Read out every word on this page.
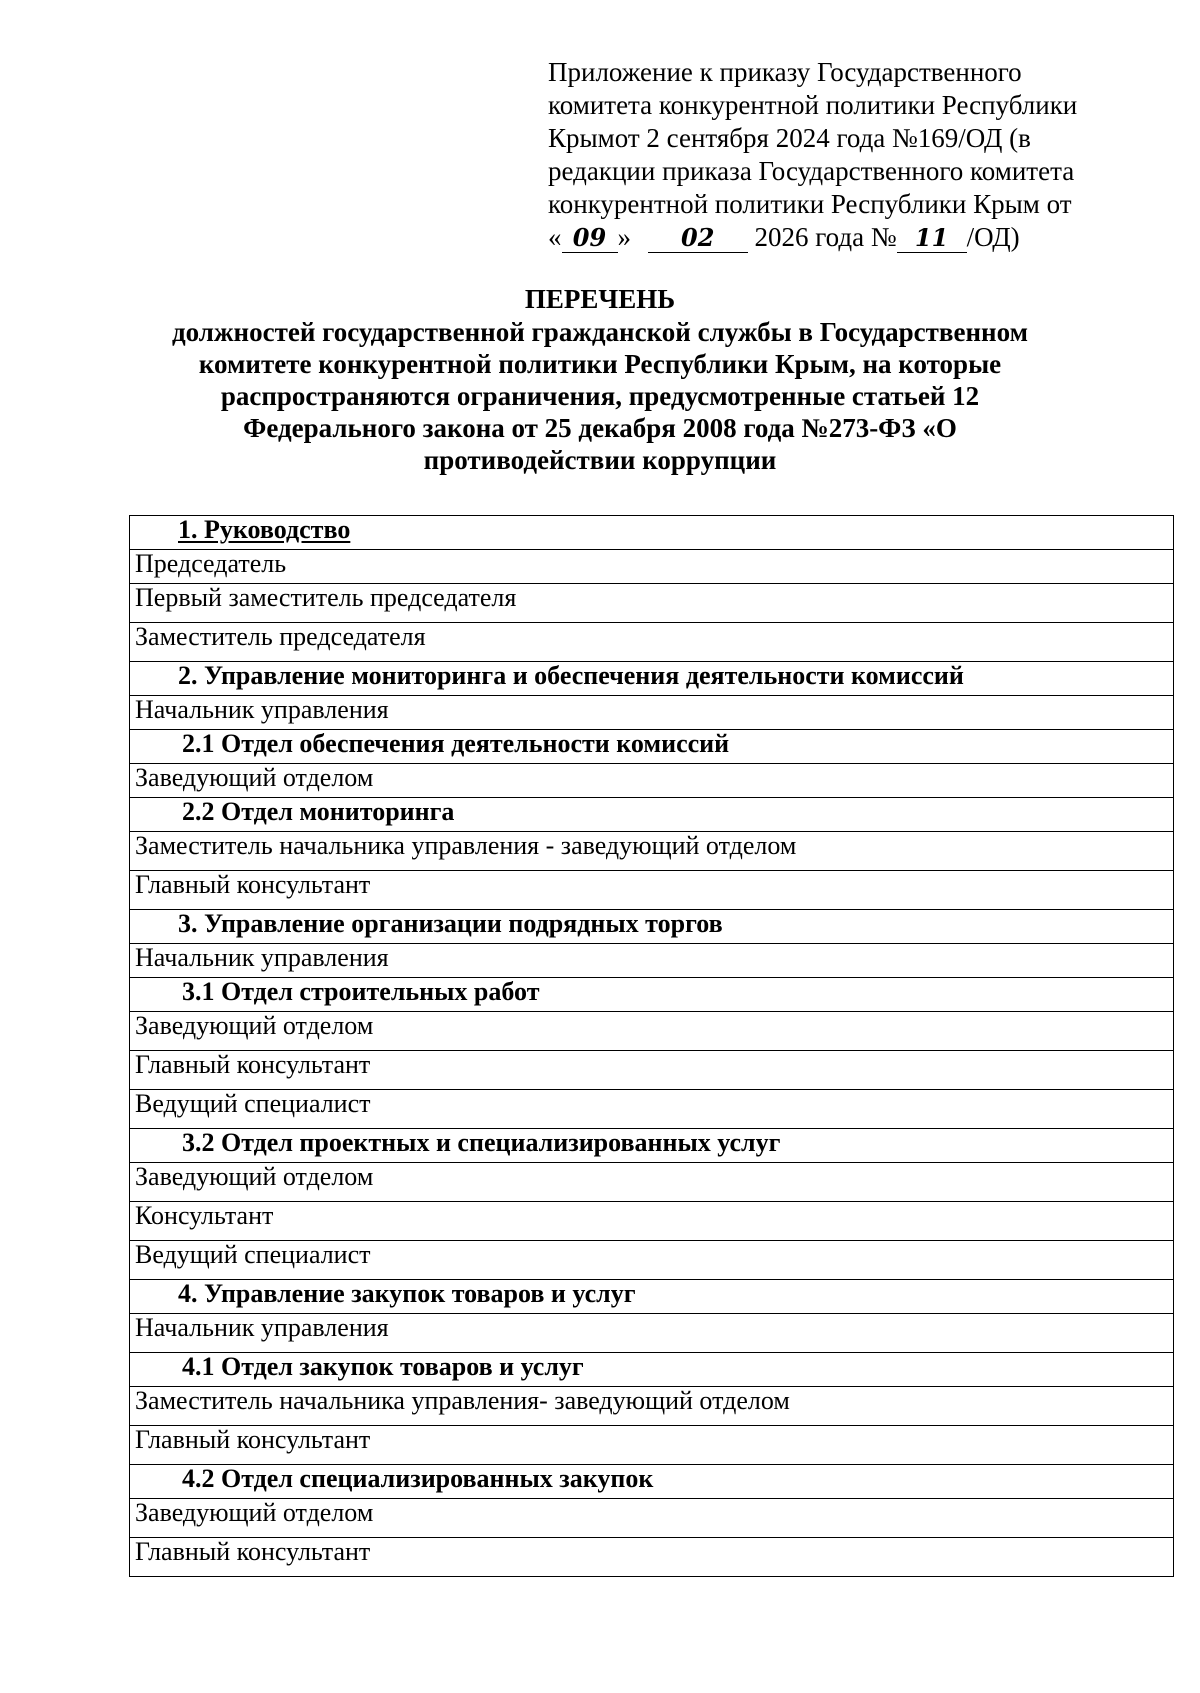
Приложение к приказу Государственного
комитета конкурентной политики Республики
Крымот 2 сентября 2024 года №169/ОД (в
редакции приказа Государственного комитета
конкурентной политики Республики Крым от
« 09 » 02 2026 года № 11 /ОД)
ПЕРЕЧЕНЬ
должностей государственной гражданской службы в Государственном
комитете конкурентной политики Республики Крым, на которые
распространяются ограничения, предусмотренные статьей 12
Федерального закона от 25 декабря 2008 года №273-ФЗ «О
противодействии коррупции
1. Руководство
Председатель
Первый заместитель председателя
Заместитель председателя
2. Управление мониторинга и обеспечения деятельности комиссий
Начальник управления
2.1 Отдел обеспечения деятельности комиссий
Заведующий отделом
2.2 Отдел мониторинга
Заместитель начальника управления - заведующий отделом
Главный консультант
3. Управление организации подрядных торгов
Начальник управления
3.1 Отдел строительных работ
Заведующий отделом
Главный консультант
Ведущий специалист
3.2 Отдел проектных и специализированных услуг
Заведующий отделом
Консультант
Ведущий специалист
4. Управление закупок товаров и услуг
Начальник управления
4.1 Отдел закупок товаров и услуг
Заместитель начальника управления- заведующий отделом
Главный консультант
4.2 Отдел специализированных закупок
Заведующий отделом
Главный консультант
